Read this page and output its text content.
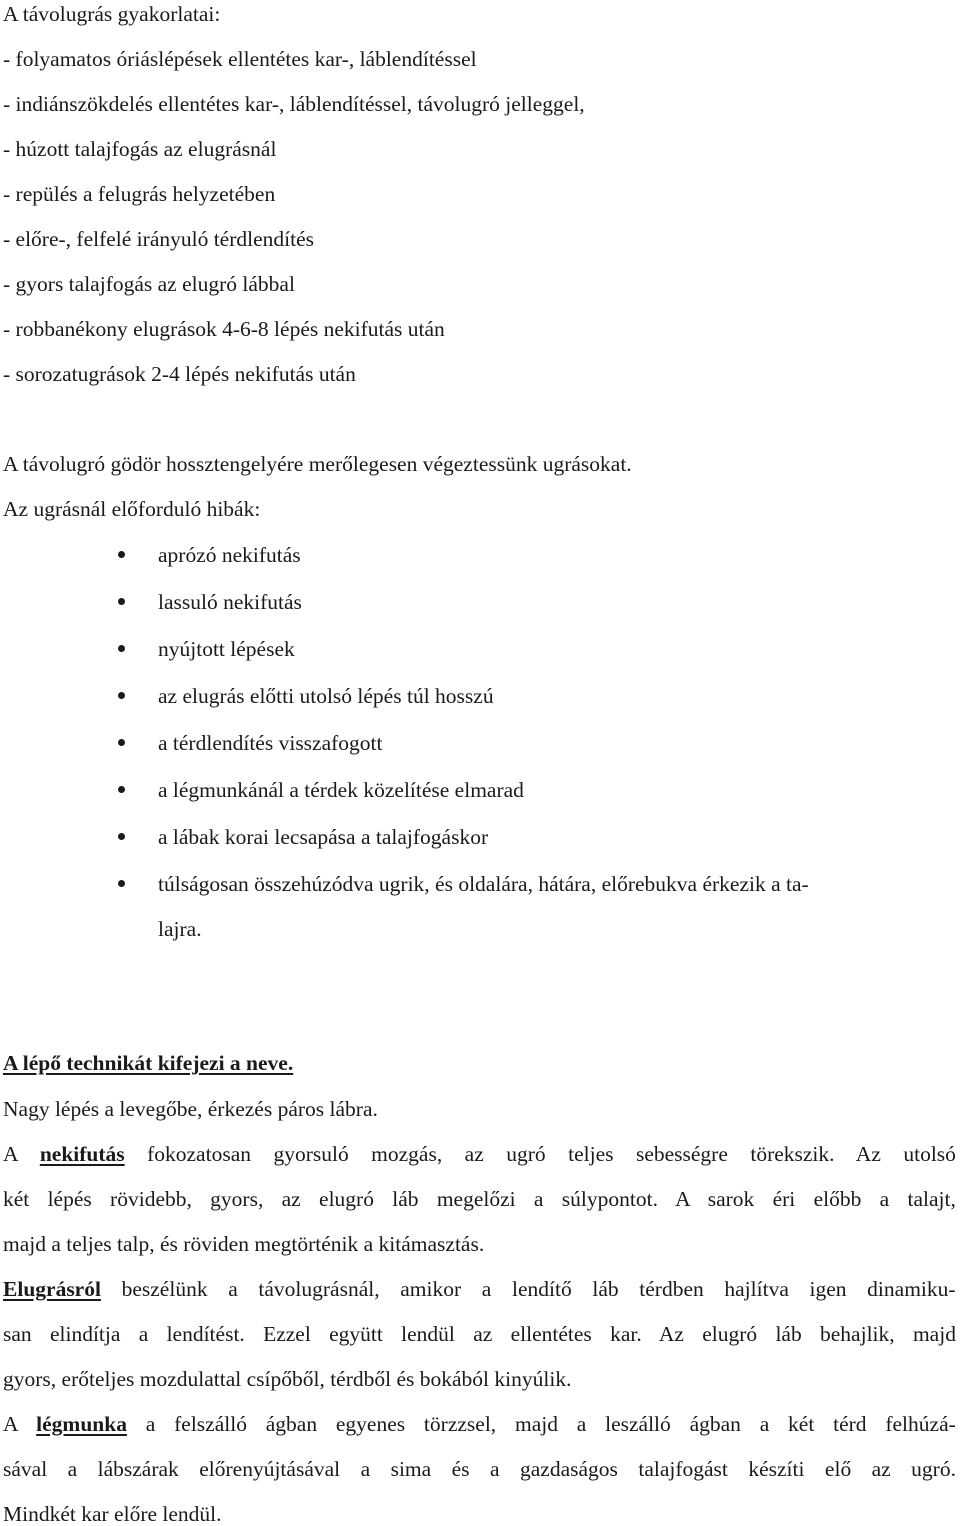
A távolugrás gyakorlatai:
- folyamatos óriáslépések ellentétes kar-, láblendítéssel
- indiánszökdelés ellentétes kar-, láblendítéssel, távolugró jelleggel,
- húzott talajfogás az elugrásnál
- repülés a felugrás helyzetében
- előre-, felfelé irányuló térdlendítés
- gyors talajfogás az elugró lábbal
- robbanékony elugrások 4-6-8 lépés nekifutás után
- sorozatugrások 2-4 lépés nekifutás után
A távolugró gödör hossztengelyére merőlegesen végeztessünk ugrásokat.
Az ugrásnál előforduló hibák:
aprózó nekifutás
lassuló nekifutás
nyújtott lépések
az elugrás előtti utolsó lépés túl hosszú
a térdlendítés visszafogott
a légmunkánál a térdek közelítése elmarad
a lábak korai lecsapása a talajfogáskor
túlságosan összehúzódva ugrik, és oldalára, hátára, előrebukva érkezik a ta-
lajra.
A lépő technikát kifejezi a neve.
Nagy lépés a levegőbe, érkezés páros lábra.
A nekifutás fokozatosan gyorsuló mozgás, az ugró teljes sebességre törekszik. Az utolsó
két lépés rövidebb, gyors, az elugró láb megelőzi a súlypontot. A sarok éri előbb a talajt,
majd a teljes talp, és röviden megtörténik a kitámasztás.
Elugrásról beszélünk a távolugrásnál, amikor a lendítő láb térdben hajlítva igen dinamiku-
san elindítja a lendítést. Ezzel együtt lendül az ellentétes kar. Az elugró láb behajlik, majd
gyors, erőteljes mozdulattal csípőből, térdből és bokából kinyúlik.
A légmunka a felszálló ágban egyenes törzzsel, majd a leszálló ágban a két térd felhúzá-
sával a lábszárak előrenyújtásával a sima és a gazdaságos talajfogást készíti elő az ugró.
Mindkét kar előre lendül.
